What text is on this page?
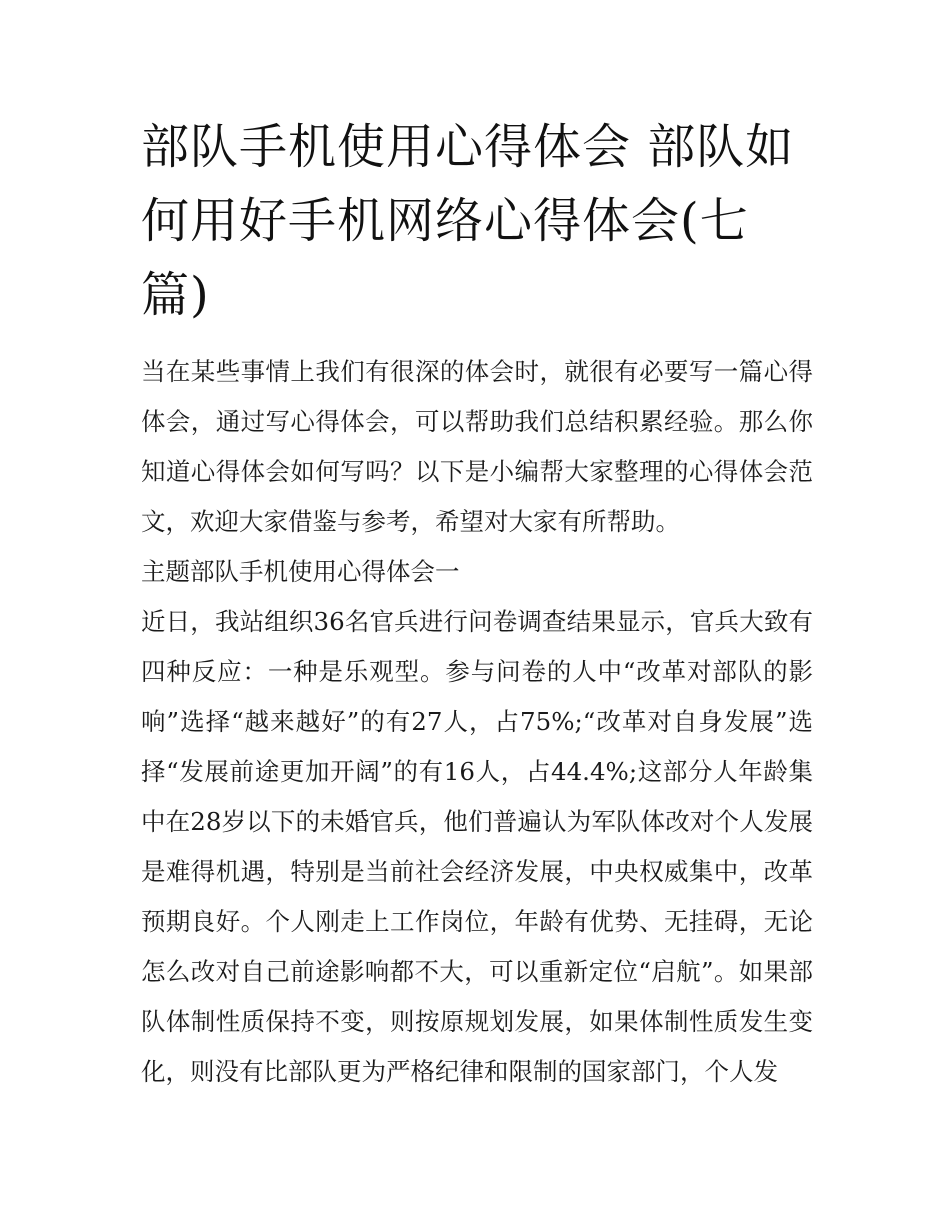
部队手机使用心得体会 部队如何用好手机网络心得体会(七篇)

当在某些事情上我们有很深的体会时，就很有必要写一篇心得体会，通过写心得体会，可以帮助我们总结积累经验。那么你知道心得体会如何写吗？以下是小编帮大家整理的心得体会范文，欢迎大家借鉴与参考，希望对大家有所帮助。

主题部队手机使用心得体会一

近日，我站组织36名官兵进行问卷调查结果显示，官兵大致有四种反应：一种是乐观型。参与问卷的人中“改革对部队的影响”选择“越来越好”的有27人，占75%;“改革对自身发展”选择“发展前途更加开阔”的有16人，占44.4%;这部分人年龄集中在28岁以下的未婚官兵，他们普遍认为军队体改对个人发展是难得机遇，特别是当前社会经济发展，中央权威集中，改革预期良好。个人刚走上工作岗位，年龄有优势、无挂碍，无论怎么改对自己前途影响都不大，可以重新定位“启航”。如果部队体制性质保持不变，则按原规划发展，如果体制性质发生变化，则没有比部队更为严格纪律和限制的国家部门，个人发
